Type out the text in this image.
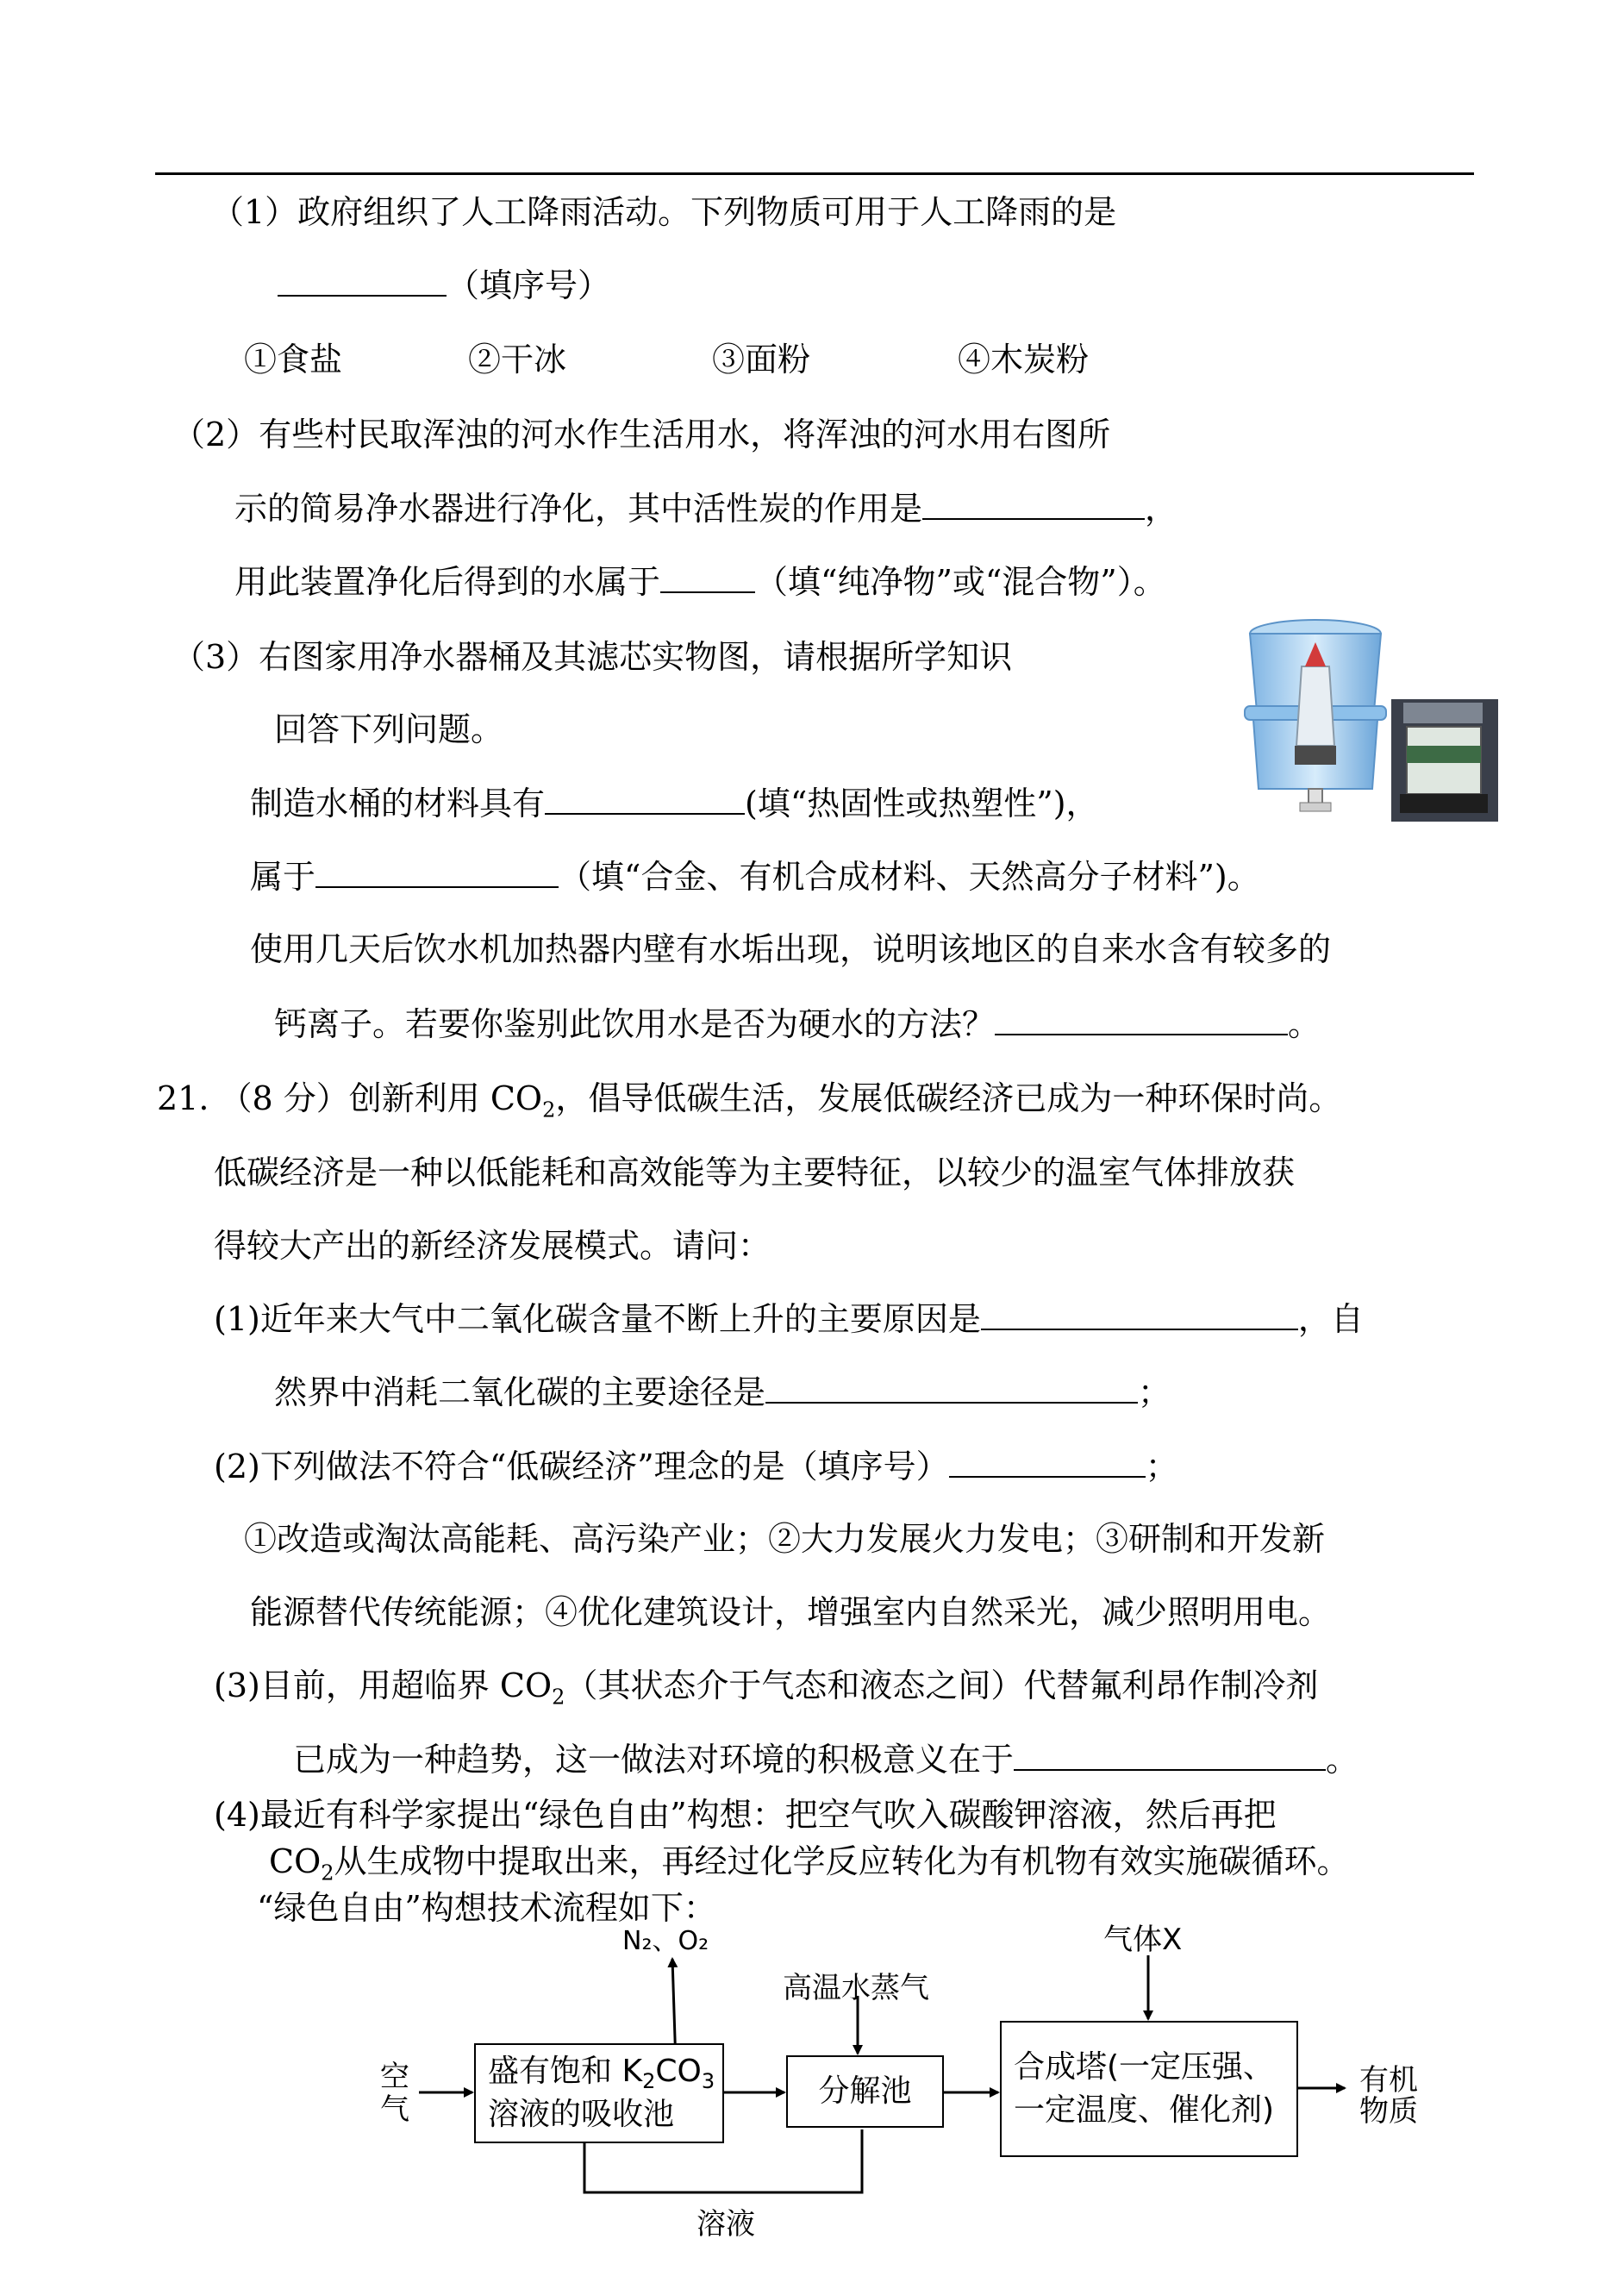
（1）政府组织了人工降雨活动。下列物质可用于人工降雨的是
（填序号）
①食盐	②干冰	③面粉	④木炭粉
（2）有些村民取浑浊的河水作生活用水，将浑浊的河水用右图所
示的简易净水器进行净化，其中活性炭的作用是	，
用此装置净化后得到的水属于	（填“纯净物”或“混合物”）。
（3）右图家用净水器桶及其滤芯实物图，请根据所学知识
回答下列问题。
制造水桶的材料具有	(填“热固性或热塑性”)，
属于	（填“合金、有机合成材料、天然高分子材料”)。
使用几天后饮水机加热器内壁有水垢出现，说明该地区的自来水含有较多的
钙离子。若要你鉴别此饮用水是否为硬水的方法？	。
21. （8 分）创新利用 $CO_2$，倡导低碳生活，发展低碳经济已成为一种环保时尚。
低碳经济是一种以低能耗和高效能等为主要特征，以较少的温室气体排放获
得较大产出的新经济发展模式。请问：
(1)近年来大气中二氧化碳含量不断上升的主要原因是	，自
然界中消耗二氧化碳的主要途径是	；
(2)下列做法不符合“低碳经济”理念的是（填序号）	；
①改造或淘汰高能耗、高污染产业；②大力发展火力发电；③研制和开发新
能源替代传统能源；④优化建筑设计，增强室内自然采光，减少照明用电。
(3)目前，用超临界 $CO_2$（其状态介于气态和液态之间）代替氟利昂作制冷剂
已成为一种趋势，这一做法对环境的积极意义在于	。
(4)最近有科学家提出“绿色自由”构想：把空气吹入碳酸钾溶液，然后再把
$CO_2$从生成物中提取出来，再经过化学反应转化为有机物有效实施碳循环。
“绿色自由”构想技术流程如下：
空气
盛有饱和 $K_2CO_3$
溶液的吸收池
N₂、O₂
高温水蒸气
分解池
气体X
合成塔(一定压强、
一定温度、催化剂)
有机物质
溶液
